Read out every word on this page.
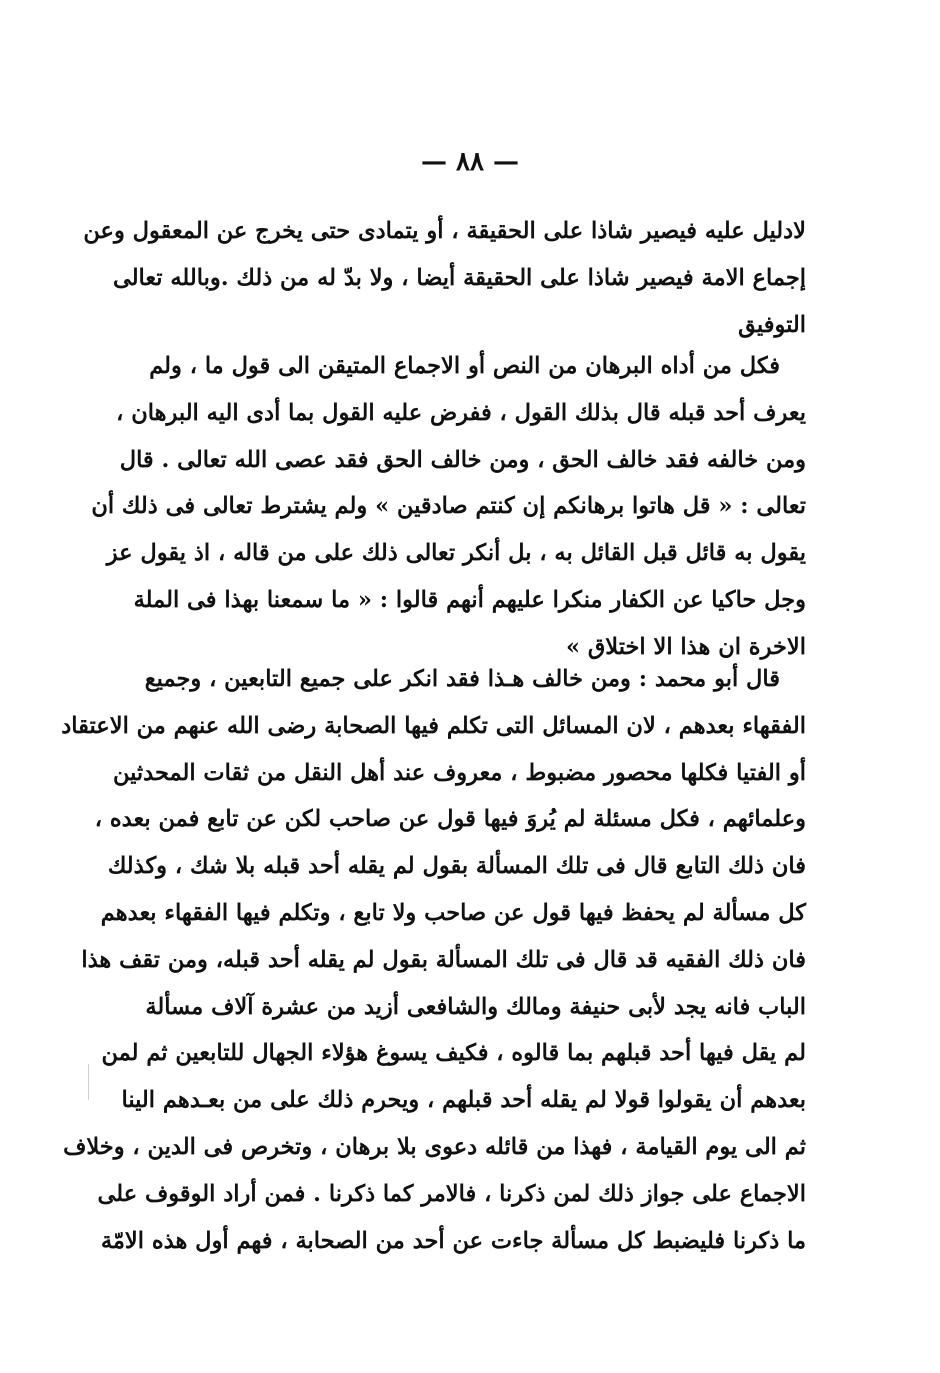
— ٨٨ —
لادليل عليه فيصير شاذا على الحقيقة ، أو يتمادى حتى يخرج عن المعقول وعن
إجماع الامة فيصير شاذا على الحقيقة أيضا ، ولا بدّ له من ذلك .وبالله تعالى
التوفيق
فكل من أداه البرهان من النص أو الاجماع المتيقن الى قول ما ، ولم
يعرف أحد قبله قال بذلك القول ، ففرض عليه القول بما أدى اليه البرهان ،
ومن خالفه فقد خالف الحق ، ومن خالف الحق فقد عصى الله تعالى . قال
تعالى : « قل هاتوا برهانكم إن كنتم صادقين » ولم يشترط تعالى فى ذلك أن
يقول به قائل قبل القائل به ، بل أنكر تعالى ذلك على من قاله ، اذ يقول عز
وجل حاكيا عن الكفار منكرا عليهم أنهم قالوا : « ما سمعنا بهذا فى الملة
الاخرة ان هذا الا اختلاق »
قال أبو محمد : ومن خالف هـذا فقد انكر على جميع التابعين ، وجميع
الفقهاء بعدهم ، لان المسائل التى تكلم فيها الصحابة رضى الله عنهم من الاعتقاد
أو الفتيا فكلها محصور مضبوط ، معروف عند أهل النقل من ثقات المحدثين
وعلمائهم ، فكل مسئلة لم يُروَ فيها قول عن صاحب لكن عن تابع فمن بعده ،
فان ذلك التابع قال فى تلك المسألة بقول لم يقله أحد قبله بلا شك ، وكذلك
كل مسألة لم يحفظ فيها قول عن صاحب ولا تابع ، وتكلم فيها الفقهاء بعدهم
فان ذلك الفقيه قد قال فى تلك المسألة بقول لم يقله أحد قبله، ومن تقف هذا
الباب فانه يجد لأبى حنيفة ومالك والشافعى أزيد من عشرة آلاف مسألة
لم يقل فيها أحد قبلهم بما قالوه ، فكيف يسوغ هؤلاء الجهال للتابعين ثم لمن
بعدهم أن يقولوا قولا لم يقله أحد قبلهم ، ويحرم ذلك على من بعـدهم الينا
ثم الى يوم القيامة ، فهذا من قائله دعوى بلا برهان ، وتخرص فى الدين ، وخلاف
الاجماع على جواز ذلك لمن ذكرنا ، فالامر كما ذكرنا . فمن أراد الوقوف على
ما ذكرنا فليضبط كل مسألة جاءت عن أحد من الصحابة ، فهم أول هذه الامّة
